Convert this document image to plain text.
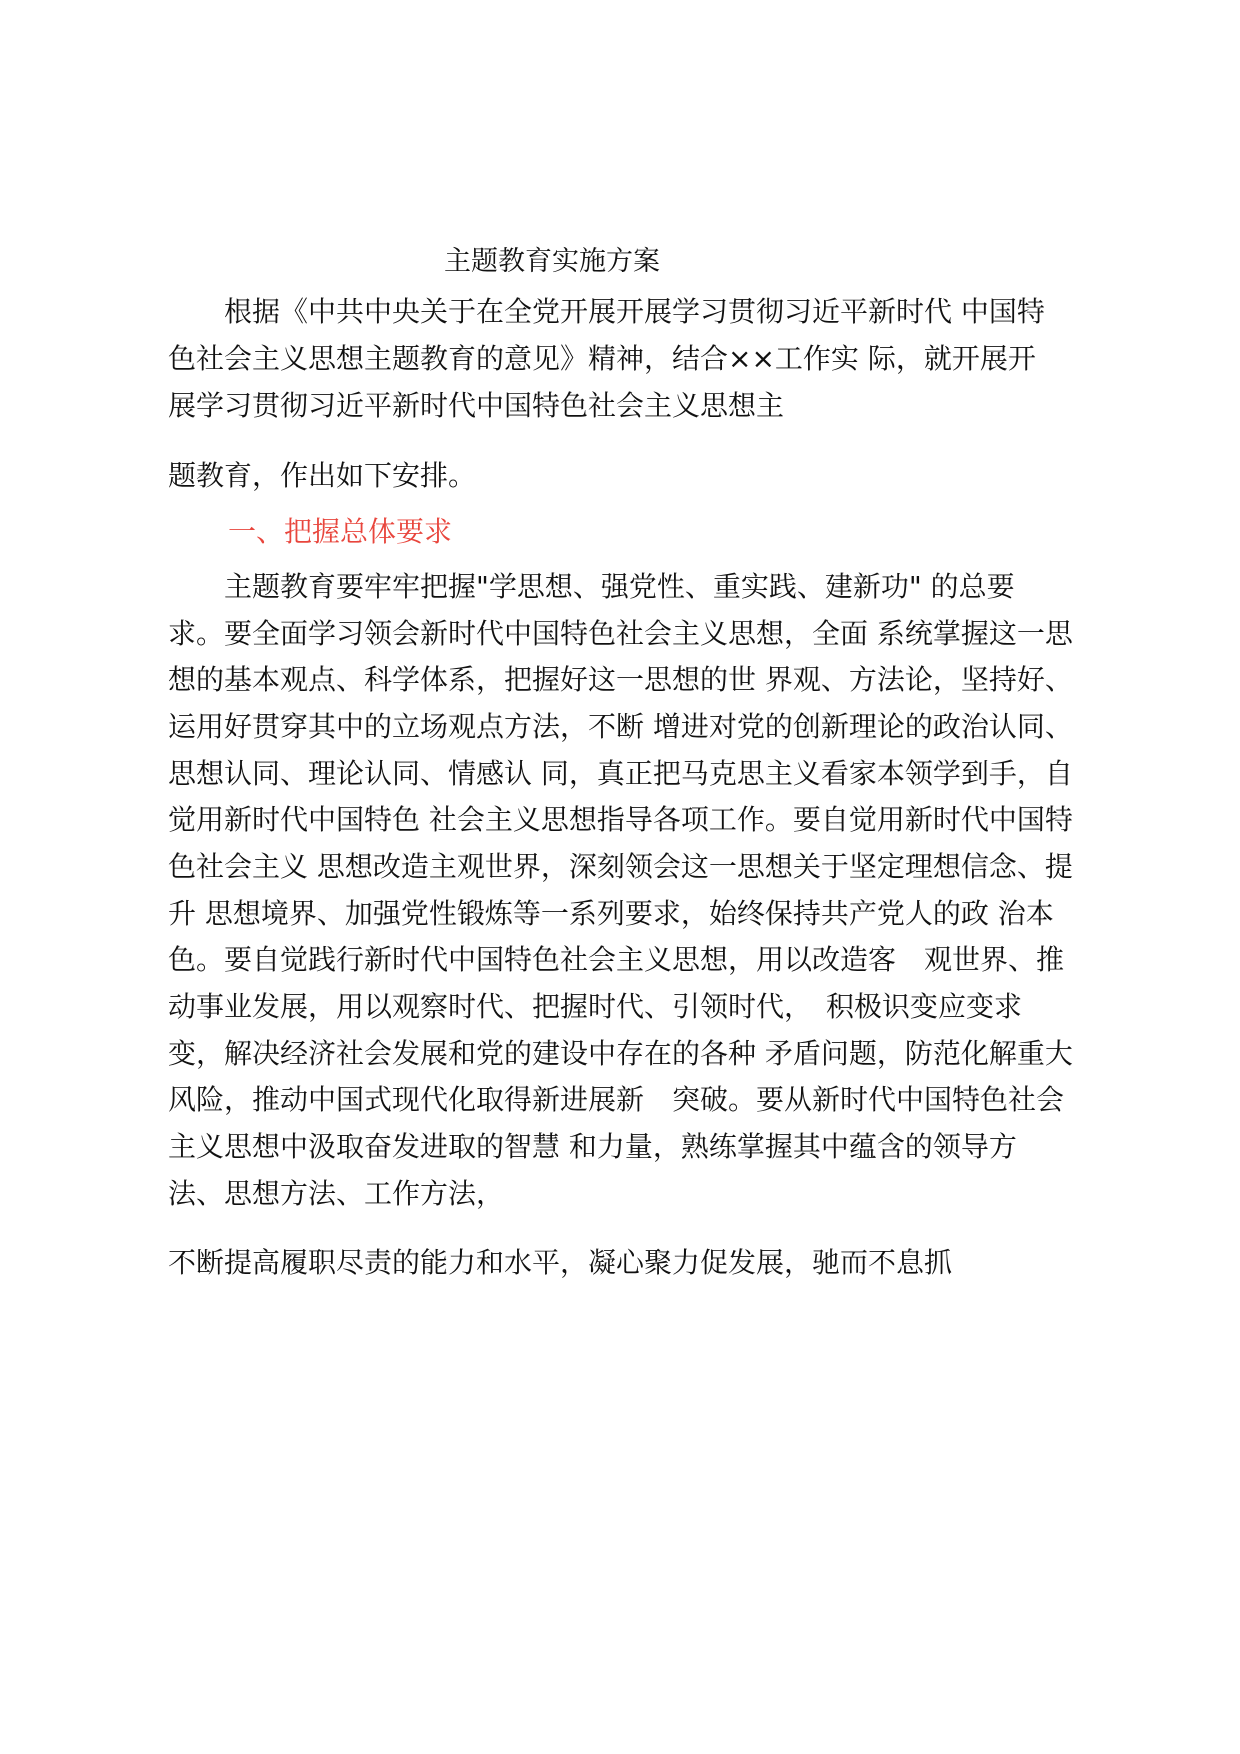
主题教育实施方案
　　根据《中共中央关于在全党开展开展学习贯彻习近平新时代 中国特
色社会主义思想主题教育的意见》精神，结合××工作实 际，就开展开
展学习贯彻习近平新时代中国特色社会主义思想主
题教育，作出如下安排。
一、把握总体要求
　　主题教育要牢牢把握"学思想、强党性、重实践、建新功" 的总要
求。要全面学习领会新时代中国特色社会主义思想，全面 系统掌握这一思
想的基本观点、科学体系，把握好这一思想的世 界观、方法论，坚持好、
运用好贯穿其中的立场观点方法，不断 增进对党的创新理论的政治认同、
思想认同、理论认同、情感认 同，真正把马克思主义看家本领学到手，自
觉用新时代中国特色 社会主义思想指导各项工作。要自觉用新时代中国特
色社会主义 思想改造主观世界，深刻领会这一思想关于坚定理想信念、提
升 思想境界、加强党性锻炼等一系列要求，始终保持共产党人的政 治本
色。要自觉践行新时代中国特色社会主义思想，用以改造客　观世界、推
动事业发展，用以观察时代、把握时代、引领时代，　积极识变应变求
变，解决经济社会发展和党的建设中存在的各种 矛盾问题，防范化解重大
风险，推动中国式现代化取得新进展新　突破。要从新时代中国特色社会
主义思想中汲取奋发进取的智慧 和力量，熟练掌握其中蕴含的领导方
法、思想方法、工作方法，
不断提高履职尽责的能力和水平，凝心聚力促发展，驰而不息抓
